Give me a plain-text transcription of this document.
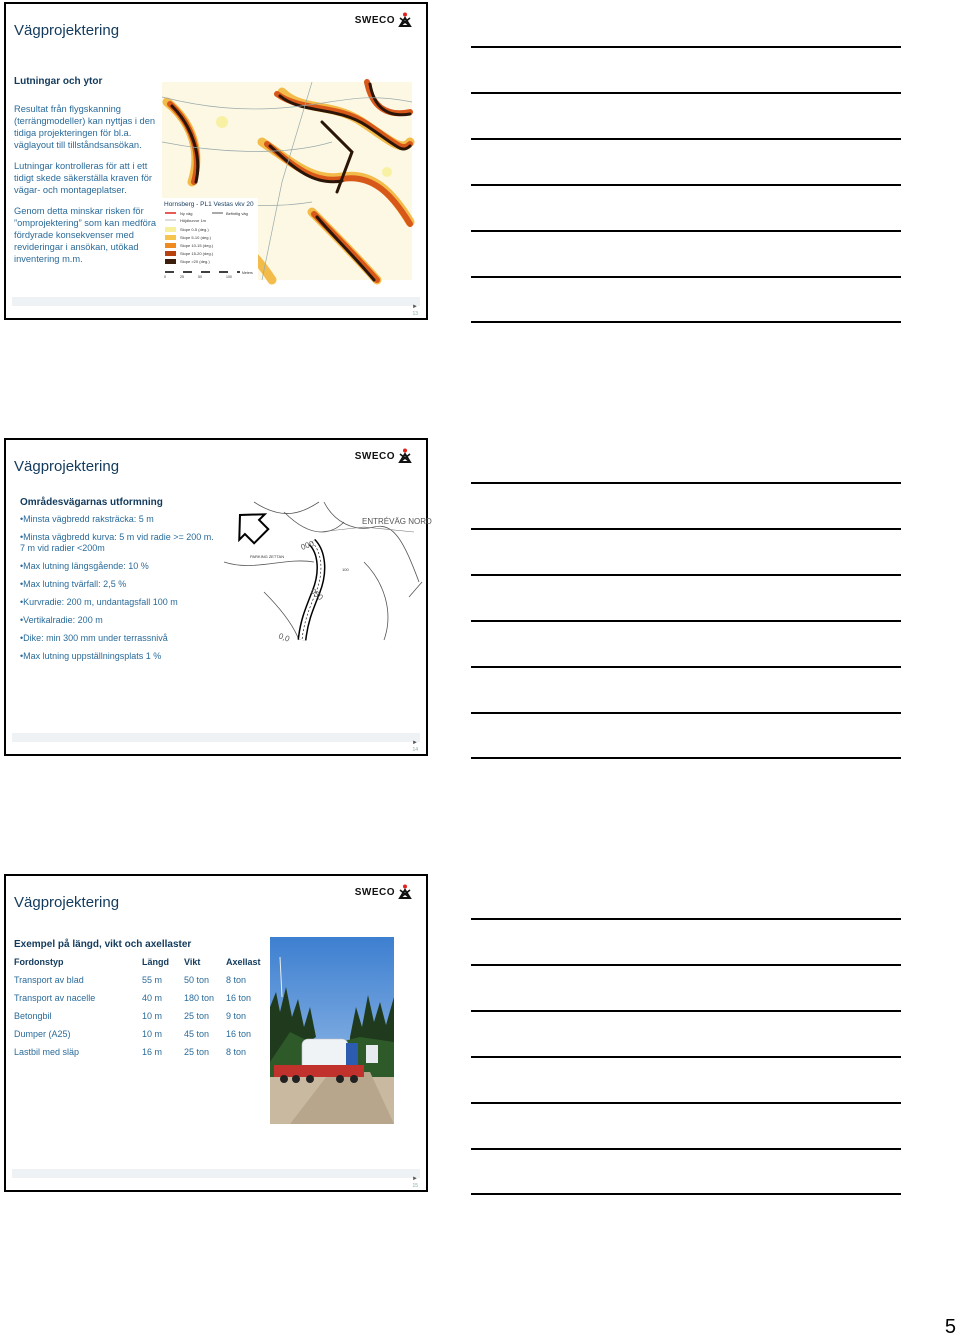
Vägprojektering
SWECO
Lutningar och ytor

Resultat från flygskanning (terrängmodeller) kan nyttjas i den tidiga projekteringen för bl.a. väglayout till tillståndsansökan.

Lutningar kontrolleras för att i ett tidigt skede säkerställa kraven för vägar- och montageplatser.

Genom detta minskar risken för ”omprojektering” som kan medföra fördyrade konsekvenser med revideringar i ansökan, utökad inventering m.m.

Hornsberg - PL1 Vestas vkv 20
Ny väg	Befintlig väg
Höjdkurvor 1m
Slope 0-5 (deg.)
Slope 5-10 (deg.)
Slope 10-15 (deg.)
Slope 15-20 (deg.)
Slope >20 (deg.)
0	25	50	100
Meters
►
13
Vägprojektering
SWECO
Områdesvägarnas utformning
•Minsta vägbredd raksträcka: 5 m
•Minsta vägbredd kurva: 5 m vid radie >= 200 m. 7 m vid radier <200m
•Max lutning längsgående: 10 %
•Max lutning tvärfall: 2,5 %
•Kurvradie: 200 m, undantagsfall 100 m
•Vertikalradie: 200 m
•Dike: min 300 mm under terrassnivå
•Max lutning uppställningsplats 1 %
ENTRÉVÄG NORD
PARKING ZETTAN
000
100
050
0,0
►
14
Vägprojektering
SWECO
Exempel på längd, vikt och axellaster
Fordonstyp	Längd	Vikt	Axellast
Transport av blad	55 m	50 ton	8 ton
Transport av nacelle	40 m	180 ton	16 ton
Betongbil	10 m	25 ton	9 ton
Dumper (A25)	10 m	45 ton	16 ton
Lastbil med släp	16 m	25 ton	8 ton
►
15
5
